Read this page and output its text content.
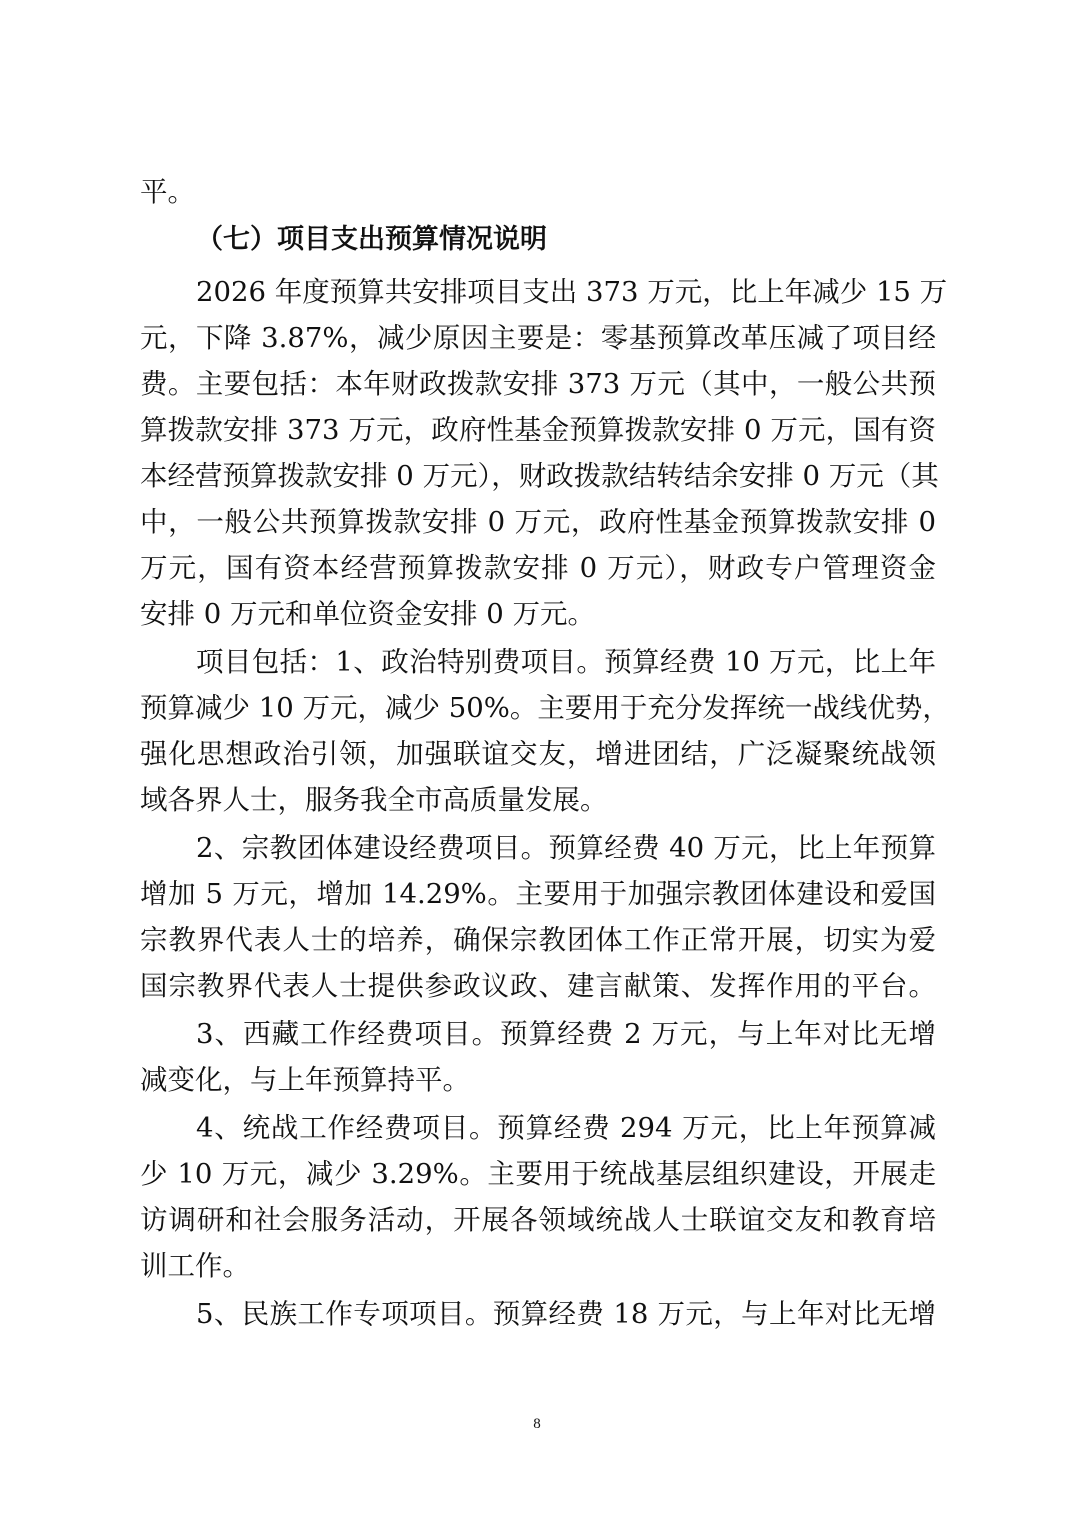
平。
（七）项目支出预算情况说明
2026 年度预算共安排项目支出 373 万元，比上年减少 15 万
元，下降 3.87%，减少原因主要是：零基预算改革压减了项目经
费。主要包括：本年财政拨款安排 373 万元（其中，一般公共预
算拨款安排 373 万元，政府性基金预算拨款安排 0 万元，国有资
本经营预算拨款安排 0 万元），财政拨款结转结余安排 0 万元（其
中，一般公共预算拨款安排 0 万元，政府性基金预算拨款安排 0
万元，国有资本经营预算拨款安排 0 万元），财政专户管理资金
安排 0 万元和单位资金安排 0 万元。
项目包括：1、政治特别费项目。预算经费 10 万元，比上年
预算减少 10 万元，减少 50%。主要用于充分发挥统一战线优势，
强化思想政治引领，加强联谊交友，增进团结，广泛凝聚统战领
域各界人士，服务我全市高质量发展。
2、宗教团体建设经费项目。预算经费 40 万元，比上年预算
增加 5 万元，增加 14.29%。主要用于加强宗教团体建设和爱国
宗教界代表人士的培养，确保宗教团体工作正常开展，切实为爱
国宗教界代表人士提供参政议政、建言献策、发挥作用的平台。
3、西藏工作经费项目。预算经费 2 万元，与上年对比无增
减变化，与上年预算持平。
4、统战工作经费项目。预算经费 294 万元，比上年预算减
少 10 万元，减少 3.29%。主要用于统战基层组织建设，开展走
访调研和社会服务活动，开展各领域统战人士联谊交友和教育培
训工作。
5、民族工作专项项目。预算经费 18 万元，与上年对比无增
8
